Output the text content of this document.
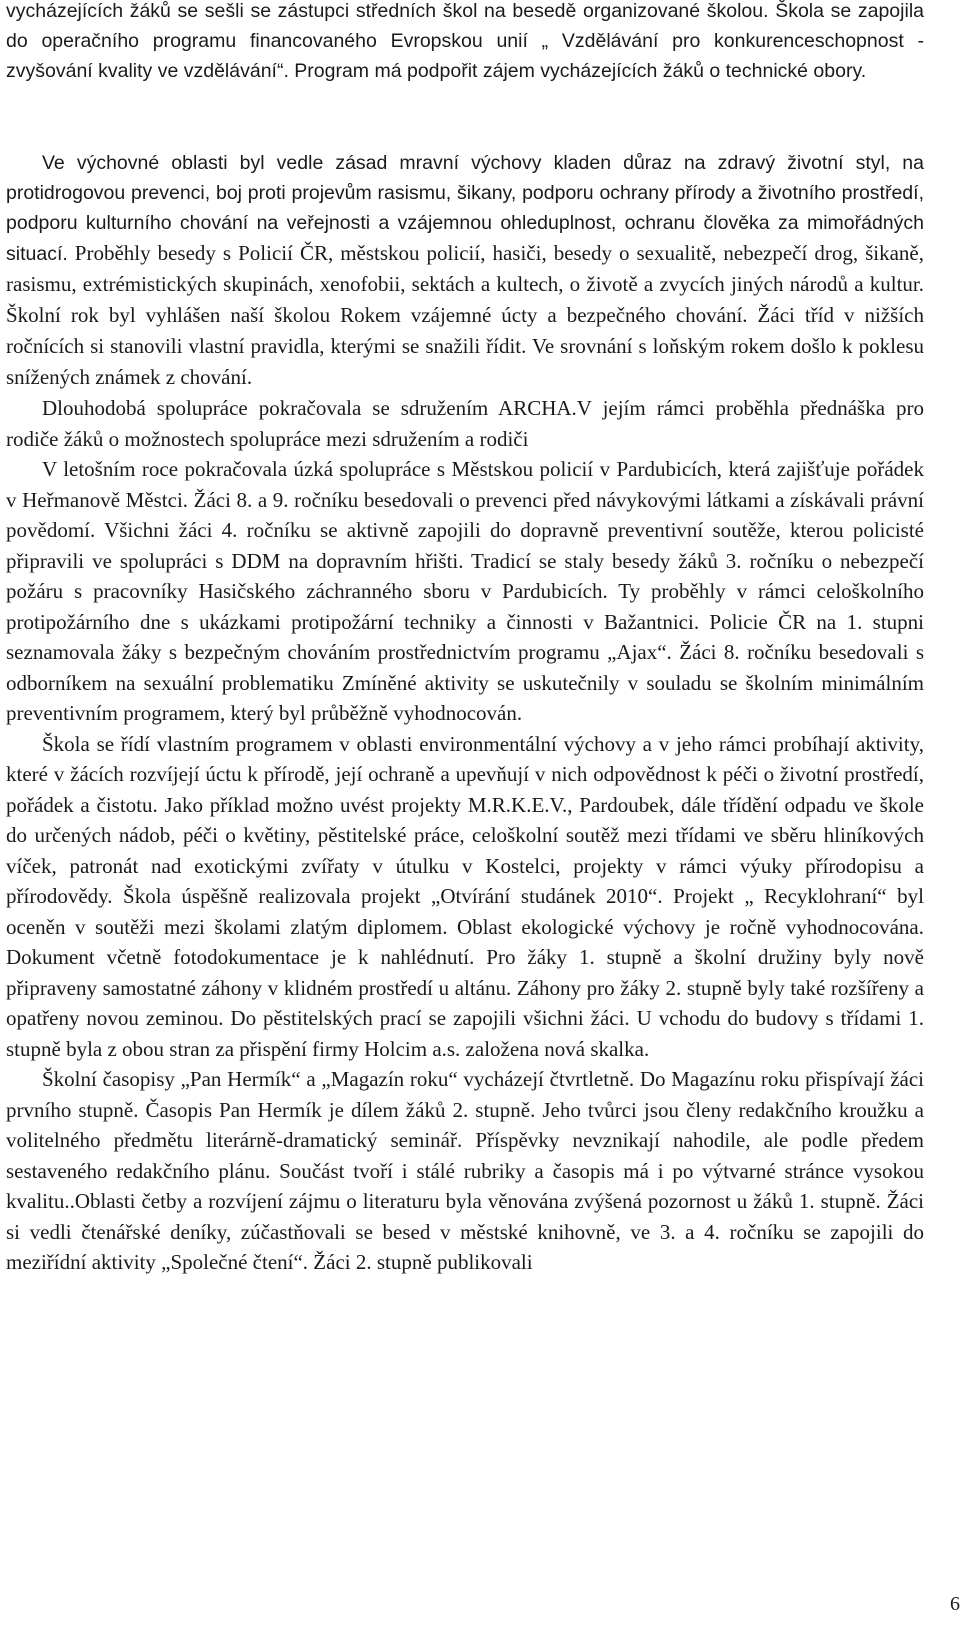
vycházejících žáků se sešli se zástupci středních škol na besedě organizované školou. Škola se zapojila do operačního programu financovaného Evropskou unií „ Vzdělávání pro konkurenceschopnost - zvyšování kvality ve vzdělávání“. Program má podpořit zájem vycházejících žáků o technické obory.

Ve výchovné oblasti byl vedle zásad mravní výchovy kladen důraz na zdravý životní styl, na protidrogovou prevenci, boj proti projevům rasismu, šikany, podporu ochrany přírody a životního prostředí, podporu kulturního chování na veřejnosti a vzájemnou ohleduplnost, ochranu člověka za mimořádných situací. Proběhly besedy s Policií ČR, městskou policií, hasiči, besedy o sexualitě, nebezpečí drog, šikaně, rasismu, extrémistických skupinách, xenofobii, sektách a kultech, o životě a zvycích jiných národů a kultur. Školní rok byl vyhlášen naší školou Rokem vzájemné úcty a bezpečného chování. Žáci tříd v nižších ročnících si stanovili vlastní pravidla, kterými se snažili řídit. Ve srovnání s loňským rokem došlo k poklesu snížených známek z chování.

Dlouhodobá spolupráce pokračovala se sdružením ARCHA.V jejím rámci proběhla přednáška pro rodiče žáků o možnostech spolupráce mezi sdružením a rodiči

V letošním roce pokračovala úzká spolupráce s Městskou policií v Pardubicích, která zajišťuje pořádek v Heřmanově Městci. Žáci 8. a 9. ročníku besedovali o prevenci před návykovými látkami a získávali právní povědomí. Všichni žáci 4. ročníku se aktivně zapojili do dopravně preventivní soutěže, kterou policisté připravili ve spolupráci s DDM na dopravním hřišti. Tradicí se staly besedy žáků 3. ročníku o nebezpečí požáru s pracovníky Hasičského záchranného sboru v Pardubicích. Ty proběhly v rámci celoškolního protipožárního dne s ukázkami protipožární techniky a činnosti v Bažantnici. Policie ČR na 1. stupni seznamovala žáky s bezpečným chováním prostřednictvím programu „Ajax“. Žáci 8. ročníku besedovali s odborníkem na sexuální problematiku Zmíněné aktivity se uskutečnily v souladu se školním minimálním preventivním programem, který byl průběžně vyhodnocován.

Škola se řídí vlastním programem v oblasti environmentální výchovy a v jeho rámci probíhají aktivity, které v žácích rozvíjejí úctu k přírodě, její ochraně a upevňují v nich odpovědnost k péči o životní prostředí, pořádek a čistotu. Jako příklad možno uvést projekty M.R.K.E.V., Pardoubek, dále třídění odpadu ve škole do určených nádob, péči o květiny, pěstitelské práce, celoškolní soutěž mezi třídami ve sběru hliníkových víček, patronát nad exotickými zvířaty v útulku v Kostelci, projekty v rámci výuky přírodopisu a přírodovědy. Škola úspěšně realizovala projekt „Otvírání studánek 2010“. Projekt „ Recyklohraní“ byl oceněn v soutěži mezi školami zlatým diplomem. Oblast ekologické výchovy je ročně vyhodnocována. Dokument včetně fotodokumentace je k nahlédnutí. Pro žáky 1. stupně a školní družiny byly nově připraveny samostatné záhony v klidném prostředí u altánu. Záhony pro žáky 2. stupně byly také rozšířeny a opatřeny novou zeminou. Do pěstitelských prací se zapojili všichni žáci. U vchodu do budovy s třídami 1. stupně byla z obou stran za přispění firmy Holcim a.s. založena nová skalka.

Školní časopisy „Pan Hermík“ a „Magazín roku“ vycházejí čtvrtletně. Do Magazínu roku přispívají žáci prvního stupně. Časopis Pan Hermík je dílem žáků 2. stupně. Jeho tvůrci jsou členy redakčního kroužku a volitelného předmětu literárně-dramatický seminář. Příspěvky nevznikají nahodile, ale podle předem sestaveného redakčního plánu. Součást tvoří i stálé rubriky a časopis má i po výtvarné stránce vysokou kvalitu..Oblasti četby a rozvíjení zájmu o literaturu byla věnována zvýšená pozornost u žáků 1. stupně. Žáci si vedli čtenářské deníky, zúčastňovali se besed v městské knihovně, ve 3. a 4. ročníku se zapojili do meziřídní aktivity „Společné čtení“. Žáci 2. stupně publikovali

6
